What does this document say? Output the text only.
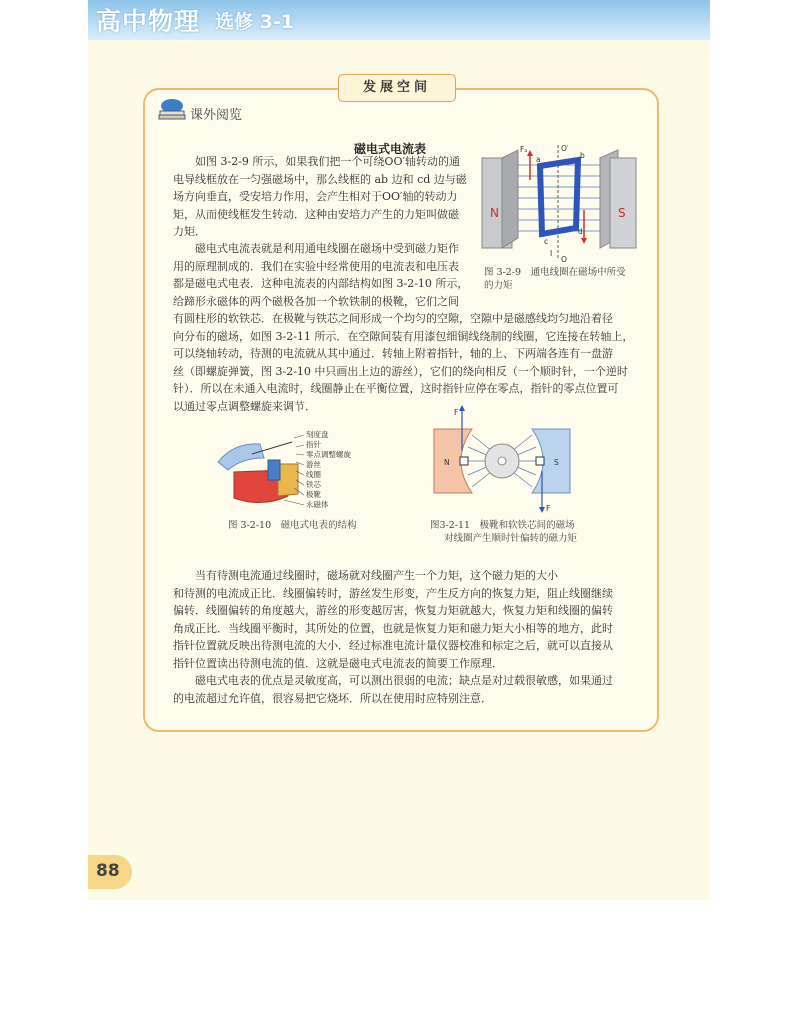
高中物理 选修 3-1
发展空间
课外阅览
磁电式电流表
如图 3-2-9 所示，如果我们把一个可绕OO′轴转动的通
电导线框放在一匀强磁场中，那么线框的 ab 边和 cd 边与磁
场方向垂直，受安培力作用，会产生相对于OO′轴的转动力
矩，从而使线框发生转动．这种由安培力产生的力矩叫做磁
力矩．
磁电式电流表就是利用通电线圈在磁场中受到磁力矩作
用的原理制成的．我们在实验中经常使用的电流表和电压表
都是磁电式电表．这种电流表的内部结构如图 3-2-10 所示，
给蹄形永磁体的两个磁极各加一个软铁制的极靴，它们之间
有圆柱形的软铁芯．在极靴与铁芯之间形成一个均匀的空隙，空隙中是磁感线均匀地沿着径
向分布的磁场，如图 3-2-11 所示．在空隙间装有用漆包细铜线绕制的线圈，它连接在转轴上，
可以绕轴转动，待测的电流就从其中通过．转轴上附着指针，轴的上、下两端各连有一盘游
丝（即螺旋弹簧，图 3-2-10 中只画出上边的游丝），它们的绕向相反（一个顺时针，一个逆时
针）．所以在未通入电流时，线圈静止在平衡位置，这时指针应停在零点，指针的零点位置可
以通过零点调整螺旋来调节．
N	S
O′
O
Fₐ
a	b
c
d
I
图 3-2-9　通电线圈在磁场中所受
的力矩
刻度盘
指针
零点调整螺旋
游丝
线圈
铁芯
极靴
永磁体
图 3-2-10　磁电式电表的结构
N	S
F
F
图3-2-11　极靴和软铁芯间的磁场
对线圈产生顺时针偏转的磁力矩
当有待测电流通过线圈时，磁场就对线圈产生一个力矩，这个磁力矩的大小
和待测的电流成正比．线圈偏转时，游丝发生形变，产生反方向的恢复力矩，阻止线圈继续
偏转．线圈偏转的角度越大，游丝的形变越厉害，恢复力矩就越大，恢复力矩和线圈的偏转
角成正比．当线圈平衡时，其所处的位置，也就是恢复力矩和磁力矩大小相等的地方，此时
指针位置就反映出待测电流的大小．经过标准电流计量仪器校准和标定之后，就可以直接从
指针位置读出待测电流的值．这就是磁电式电流表的简要工作原理．
磁电式电表的优点是灵敏度高，可以测出很弱的电流；缺点是对过载很敏感，如果通过
的电流超过允许值，很容易把它烧坏．所以在使用时应特别注意．
88
